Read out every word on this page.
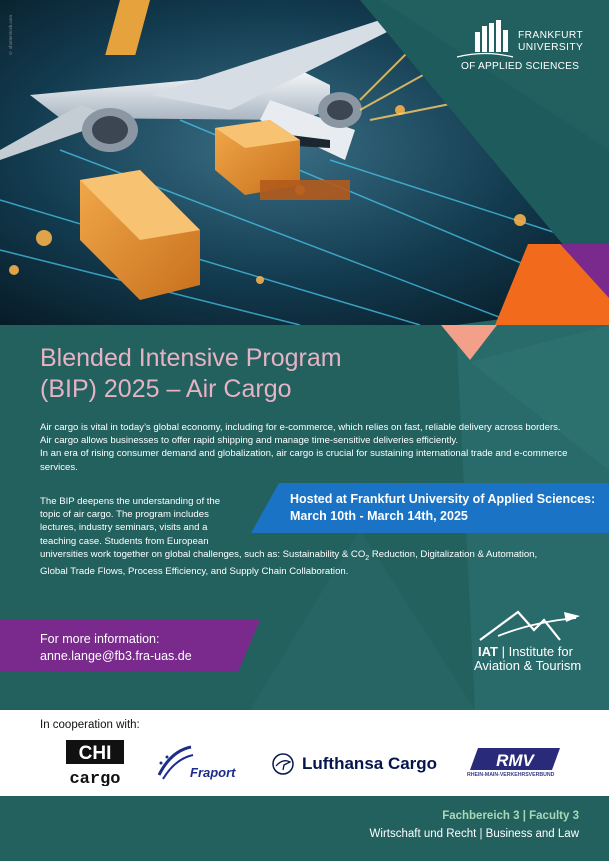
FRANKFURT
UNIVERSITY
OF APPLIED SCIENCES
© shutterstock.com
Blended Intensive Program
(BIP) 2025 – Air Cargo
Air cargo is vital in today’s global economy, including for e-commerce, which relies on fast, reliable delivery across borders. Air cargo allows businesses to offer rapid shipping and manage time-sensitive deliveries efficiently.
In an era of rising consumer demand and globalization, air cargo is crucial for sustaining international trade and e-commerce services.
The BIP deepens the understanding of the
topic of air cargo. The program includes
lectures, industry seminars, visits and a
teaching case. Students from European
universities work together on global challenges, such as: Sustainability & $CO_2$ Reduction, Digitalization & Automation,
Global Trade Flows, Process Efficiency, and Supply Chain Collaboration.
Hosted at Frankfurt University of Applied Sciences:
March 10th - March 14th, 2025
For more information:
anne.lange@fb3.fra-uas.de	IAT | Institute for
Aviation & Tourism
In cooperation with:
CHI
cargo	Fraport	Lufthansa Cargo	RMV
RHEIN-MAIN-VERKEHRSVERBUND
Fachbereich 3 | Faculty 3
Wirtschaft und Recht | Business and Law
